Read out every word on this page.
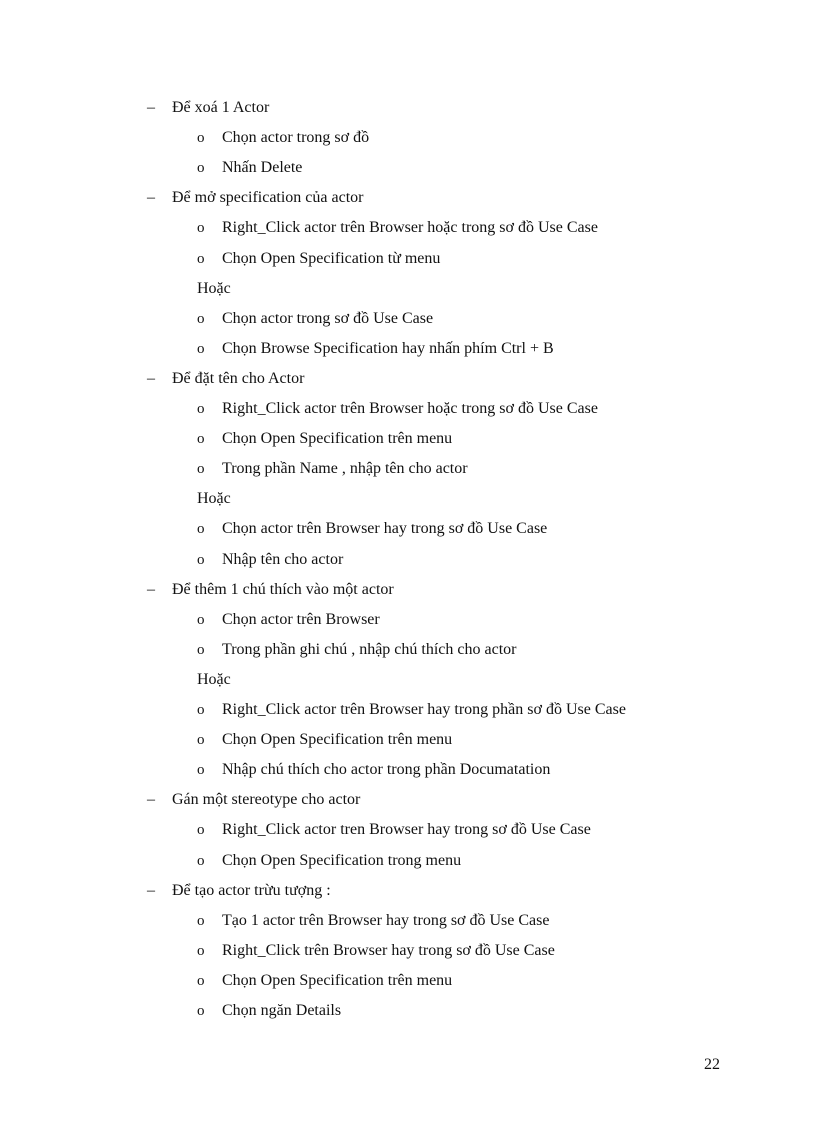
– Để xoá 1 Actor
o Chọn actor trong sơ đồ
o Nhấn Delete
– Để mở specification của actor
o Right_Click actor trên Browser hoặc trong sơ đồ Use Case
o Chọn Open Specification từ menu
Hoặc
o Chọn actor trong sơ đồ Use Case
o Chọn Browse Specification hay nhấn phím Ctrl + B
– Để đặt tên cho Actor
o Right_Click actor trên Browser hoặc trong sơ đồ Use Case
o Chọn Open Specification trên menu
o Trong phần Name , nhập tên cho actor
Hoặc
o Chọn actor trên Browser hay trong sơ đồ Use Case
o Nhập tên cho actor
– Để thêm 1 chú thích vào một actor
o Chọn actor trên Browser
o Trong phần ghi chú , nhập chú thích cho actor
Hoặc
o Right_Click actor trên Browser hay trong phần sơ đồ Use Case
o Chọn Open Specification trên menu
o Nhập chú thích cho actor trong phần Documatation
– Gán một stereotype cho actor
o Right_Click actor tren Browser hay trong sơ đồ Use Case
o Chọn Open Specification trong menu
– Để tạo actor trừu tượng :
o Tạo 1 actor trên Browser hay trong sơ đồ Use Case
o Right_Click trên Browser hay trong sơ đồ Use Case
o Chọn Open Specification trên menu
o Chọn ngăn Details
22
